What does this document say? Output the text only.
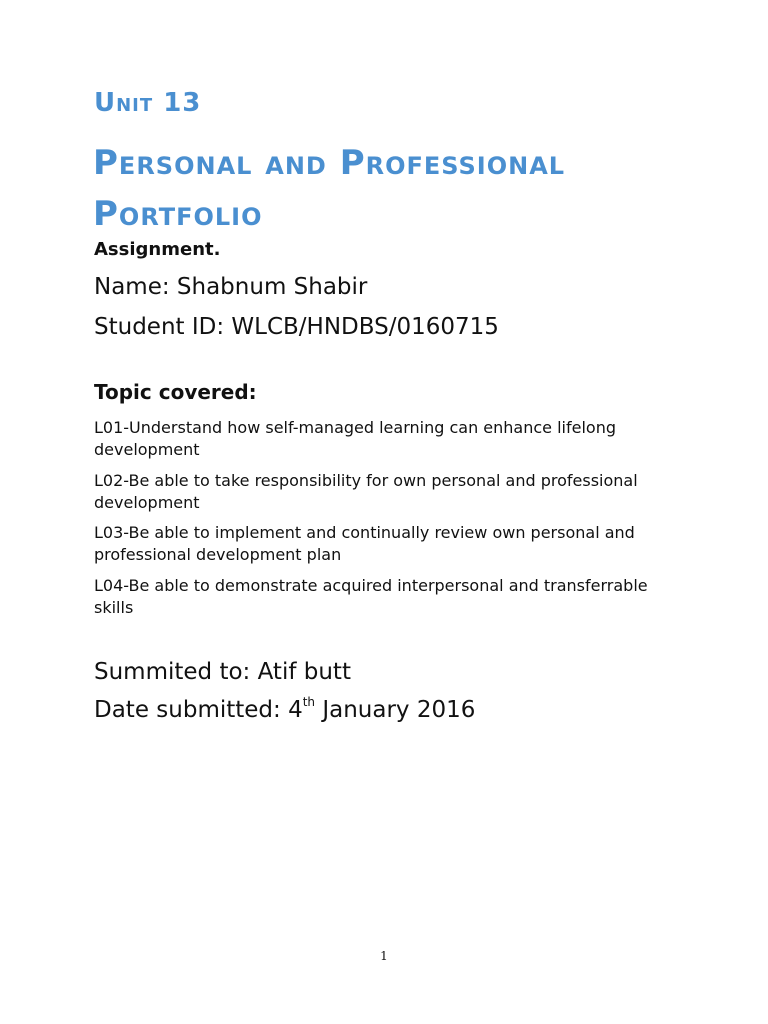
Unit 13
Personal and Professional Portfolio

Assignment.

Name: Shabnum Shabir

Student ID: WLCB/HNDBS/0160715

Topic covered:

L01-Understand how self-managed learning can enhance lifelong development

L02-Be able to take responsibility for own personal and professional development

L03-Be able to implement and continually review own personal and professional development plan

L04-Be able to demonstrate acquired interpersonal and transferrable skills

Summited to: Atif butt

Date submitted: 4th January 2016

1
